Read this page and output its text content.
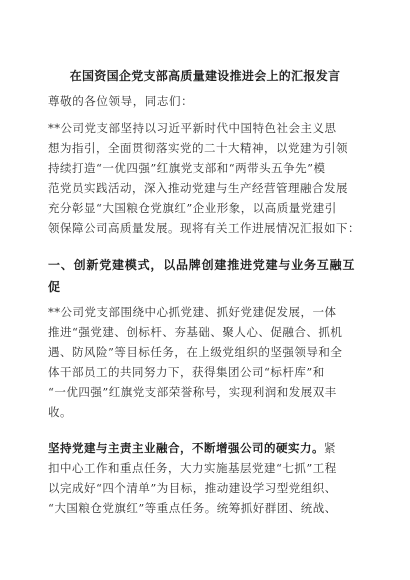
在国资国企党支部高质量建设推进会上的汇报发言
尊敬的各位领导，同志们：
**公司党支部坚持以习近平新时代中国特色社会主义思
想为指引，全面贯彻落实党的二十大精神，以党建为引领
持续打造“一优四强”红旗党支部和“两带头五争先”模
范党员实践活动，深入推动党建与生产经营管理融合发展
充分彰显“大国粮仓党旗红”企业形象，以高质量党建引
领保障公司高质量发展。现将有关工作进展情况汇报如下：
一、创新党建模式，以品牌创建推进党建与业务互融互
促
**公司党支部围绕中心抓党建、抓好党建促发展，一体
推进“强党建、创标杆、夯基础、聚人心、促融合、抓机
遇、防风险”等目标任务，在上级党组织的坚强领导和全
体干部员工的共同努力下，获得集团公司“标杆库”和
“一优四强”红旗党支部荣誉称号，实现利润和发展双丰
收。
坚持党建与主责主业融合，不断增强公司的硬实力。紧
扣中心工作和重点任务，大力实施基层党建“七抓”工程
以完成好“四个清单”为目标，推动建设学习型党组织、
“大国粮仓党旗红”等重点任务。统筹抓好群团、统战、
